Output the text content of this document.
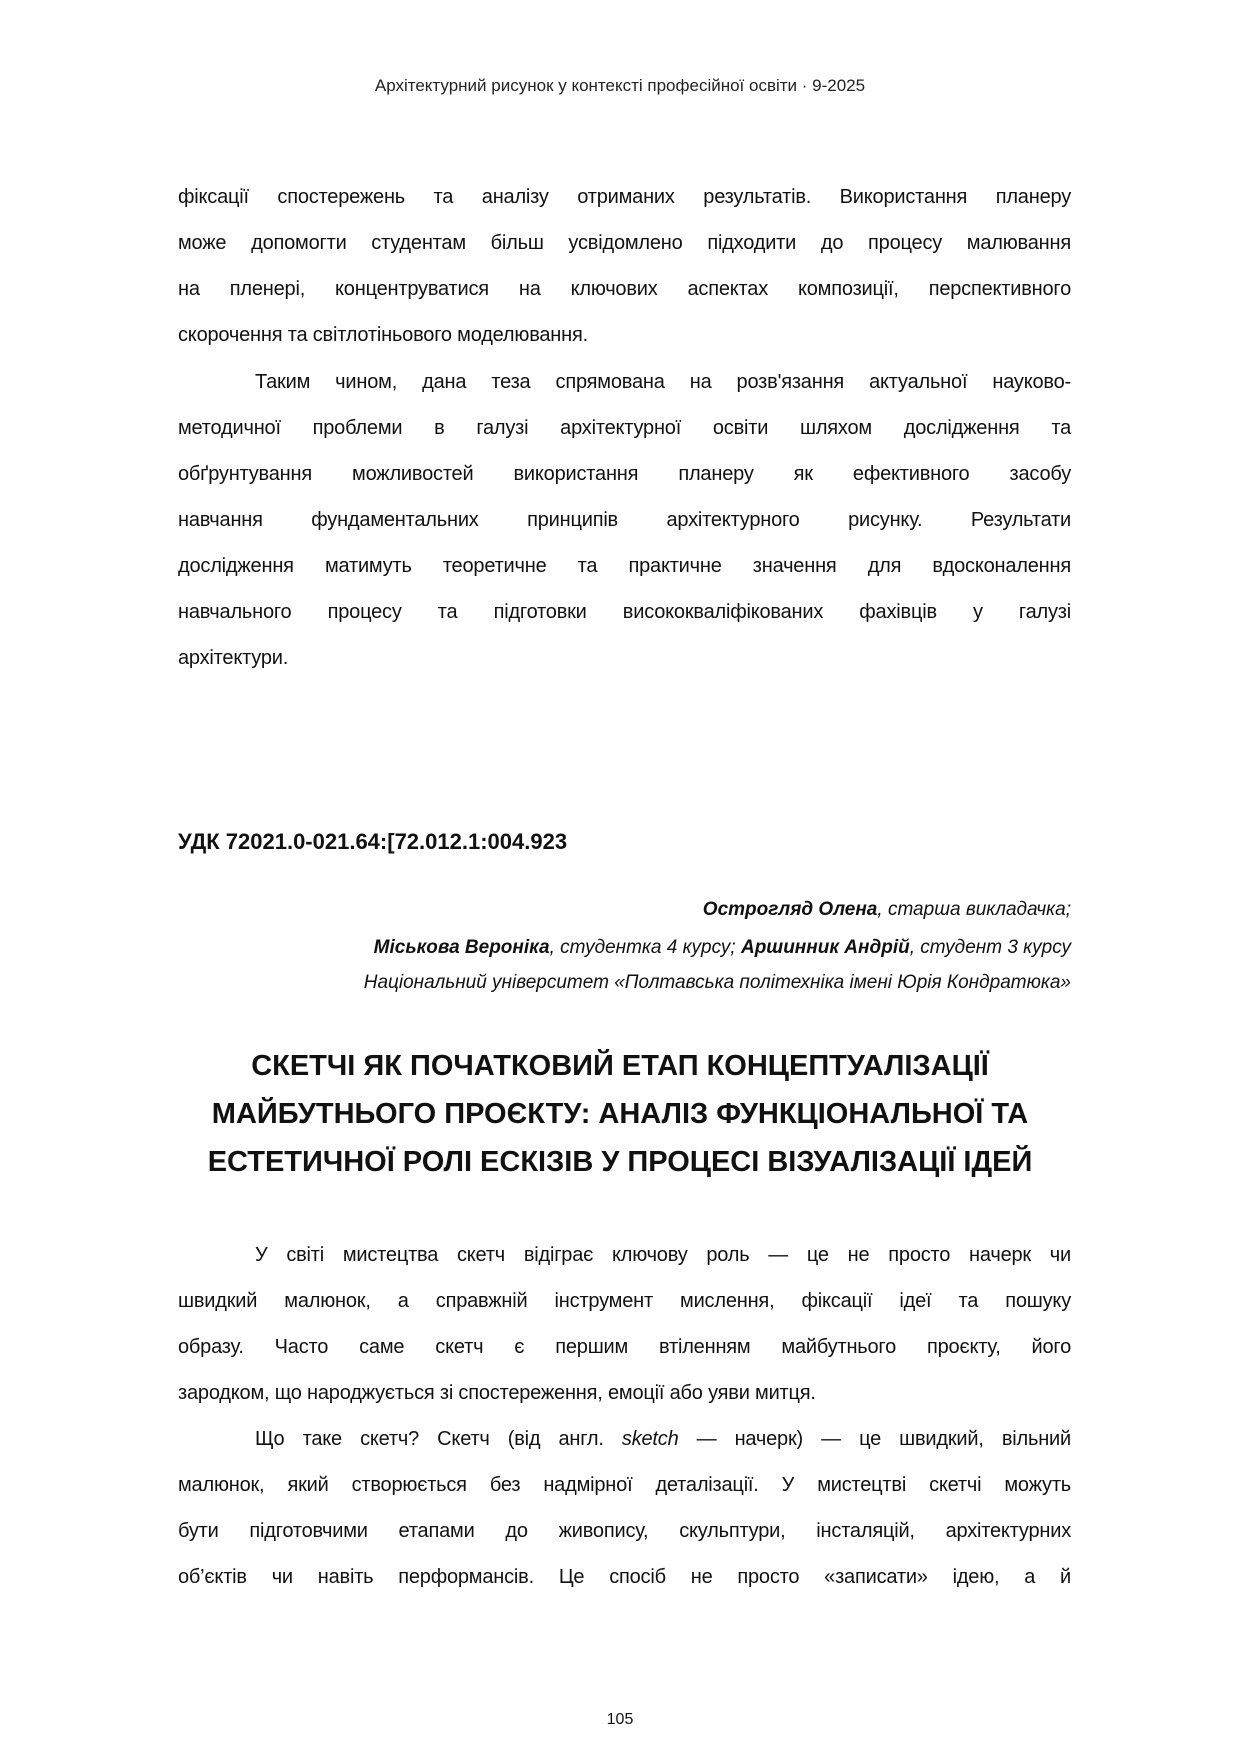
Архітектурний рисунок у контексті професійної освіти · 9-2025
фіксації спостережень та аналізу отриманих результатів. Використання планеру
може допомогти студентам більш усвідомлено підходити до процесу малювання
на пленері, концентруватися на ключових аспектах композиції, перспективного
скорочення та світлотіньового моделювання.
Таким чином, дана теза спрямована на розв'язання актуальної науково-
методичної проблеми в галузі архітектурної освіти шляхом дослідження та
обґрунтування можливостей використання планеру як ефективного засобу
навчання фундаментальних принципів архітектурного рисунку. Результати
дослідження матимуть теоретичне та практичне значення для вдосконалення
навчального процесу та підготовки висококваліфікованих фахівців у галузі
архітектури.
УДК 72021.0-021.64:[72.012.1:004.923
Острогляд Олена, старша викладачка;
Міськова Вероніка, студентка 4 курсу; Аршинник Андрій, студент 3 курсу
Національний університет «Полтавська політехніка імені Юрія Кондратюка»
СКЕТЧІ ЯК ПОЧАТКОВИЙ ЕТАП КОНЦЕПТУАЛІЗАЦІЇ
МАЙБУТНЬОГО ПРОЄКТУ: АНАЛІЗ ФУНКЦІОНАЛЬНОЇ ТА
ЕСТЕТИЧНОЇ РОЛІ ЕСКІЗІВ У ПРОЦЕСІ ВІЗУАЛІЗАЦІЇ ІДЕЙ
У світі мистецтва скетч відіграє ключову роль — це не просто начерк чи
швидкий малюнок, а справжній інструмент мислення, фіксації ідеї та пошуку
образу. Часто саме скетч є першим втіленням майбутнього проєкту, його
зародком, що народжується зі спостереження, емоції або уяви митця.
Що таке скетч? Скетч (від англ. sketch — начерк) — це швидкий, вільний
малюнок, який створюється без надмірної деталізації. У мистецтві скетчі можуть
бути підготовчими етапами до живопису, скульптури, інсталяцій, архітектурних
об’єктів чи навіть перформансів. Це спосіб не просто «записати» ідею, а й
105
